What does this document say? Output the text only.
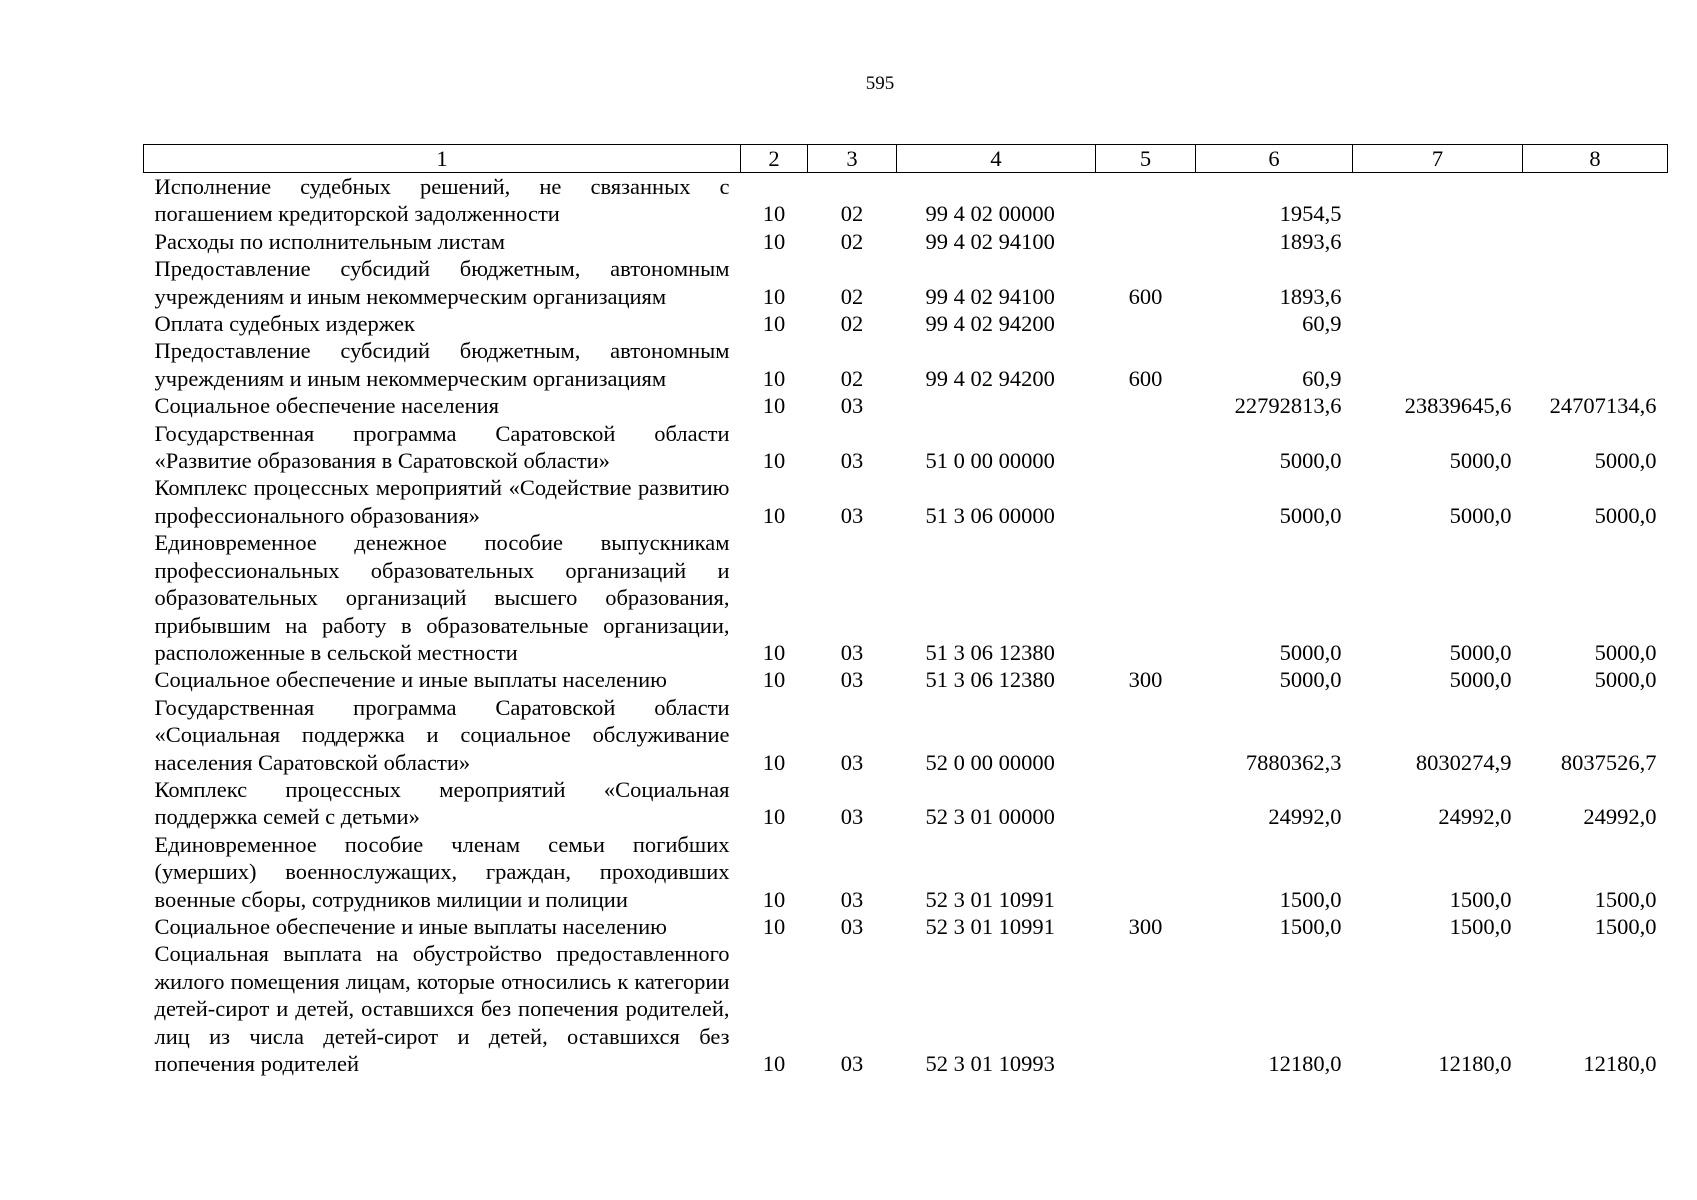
595
1	2	3	4	5	6	7	8
Исполнение судебных решений, не связанных с погашением кредиторской задолженности	10	02	99 4 02 00000		1954,5		
Расходы по исполнительным листам	10	02	99 4 02 94100		1893,6		
Предоставление субсидий бюджетным, автономным учреждениям и иным некоммерческим организациям	10	02	99 4 02 94100	600	1893,6		
Оплата судебных издержек	10	02	99 4 02 94200		60,9		
Предоставление субсидий бюджетным, автономным учреждениям и иным некоммерческим организациям	10	02	99 4 02 94200	600	60,9		
Социальное обеспечение населения	10	03			22792813,6	23839645,6	24707134,6
Государственная программа Саратовской области «Развитие образования в Саратовской области»	10	03	51 0 00 00000		5000,0	5000,0	5000,0
Комплекс процессных мероприятий «Содействие развитию профессионального образования»	10	03	51 3 06 00000		5000,0	5000,0	5000,0
Единовременное денежное пособие выпускникам профессиональных образовательных организаций и образовательных организаций высшего образования, прибывшим на работу в образовательные организации, расположенные в сельской местности	10	03	51 3 06 12380		5000,0	5000,0	5000,0
Социальное обеспечение и иные выплаты населению	10	03	51 3 06 12380	300	5000,0	5000,0	5000,0
Государственная программа Саратовской области «Социальная поддержка и социальное обслуживание населения Саратовской области»	10	03	52 0 00 00000		7880362,3	8030274,9	8037526,7
Комплекс процессных мероприятий «Социальная поддержка семей с детьми»	10	03	52 3 01 00000		24992,0	24992,0	24992,0
Единовременное пособие членам семьи погибших (умерших) военнослужащих, граждан, проходивших военные сборы, сотрудников милиции и полиции	10	03	52 3 01 10991		1500,0	1500,0	1500,0
Социальное обеспечение и иные выплаты населению	10	03	52 3 01 10991	300	1500,0	1500,0	1500,0
Социальная выплата на обустройство предоставленного жилого помещения лицам, которые относились к категории детей-сирот и детей, оставшихся без попечения родителей, лиц из числа детей-сирот и детей, оставшихся без попечения родителей	10	03	52 3 01 10993		12180,0	12180,0	12180,0
